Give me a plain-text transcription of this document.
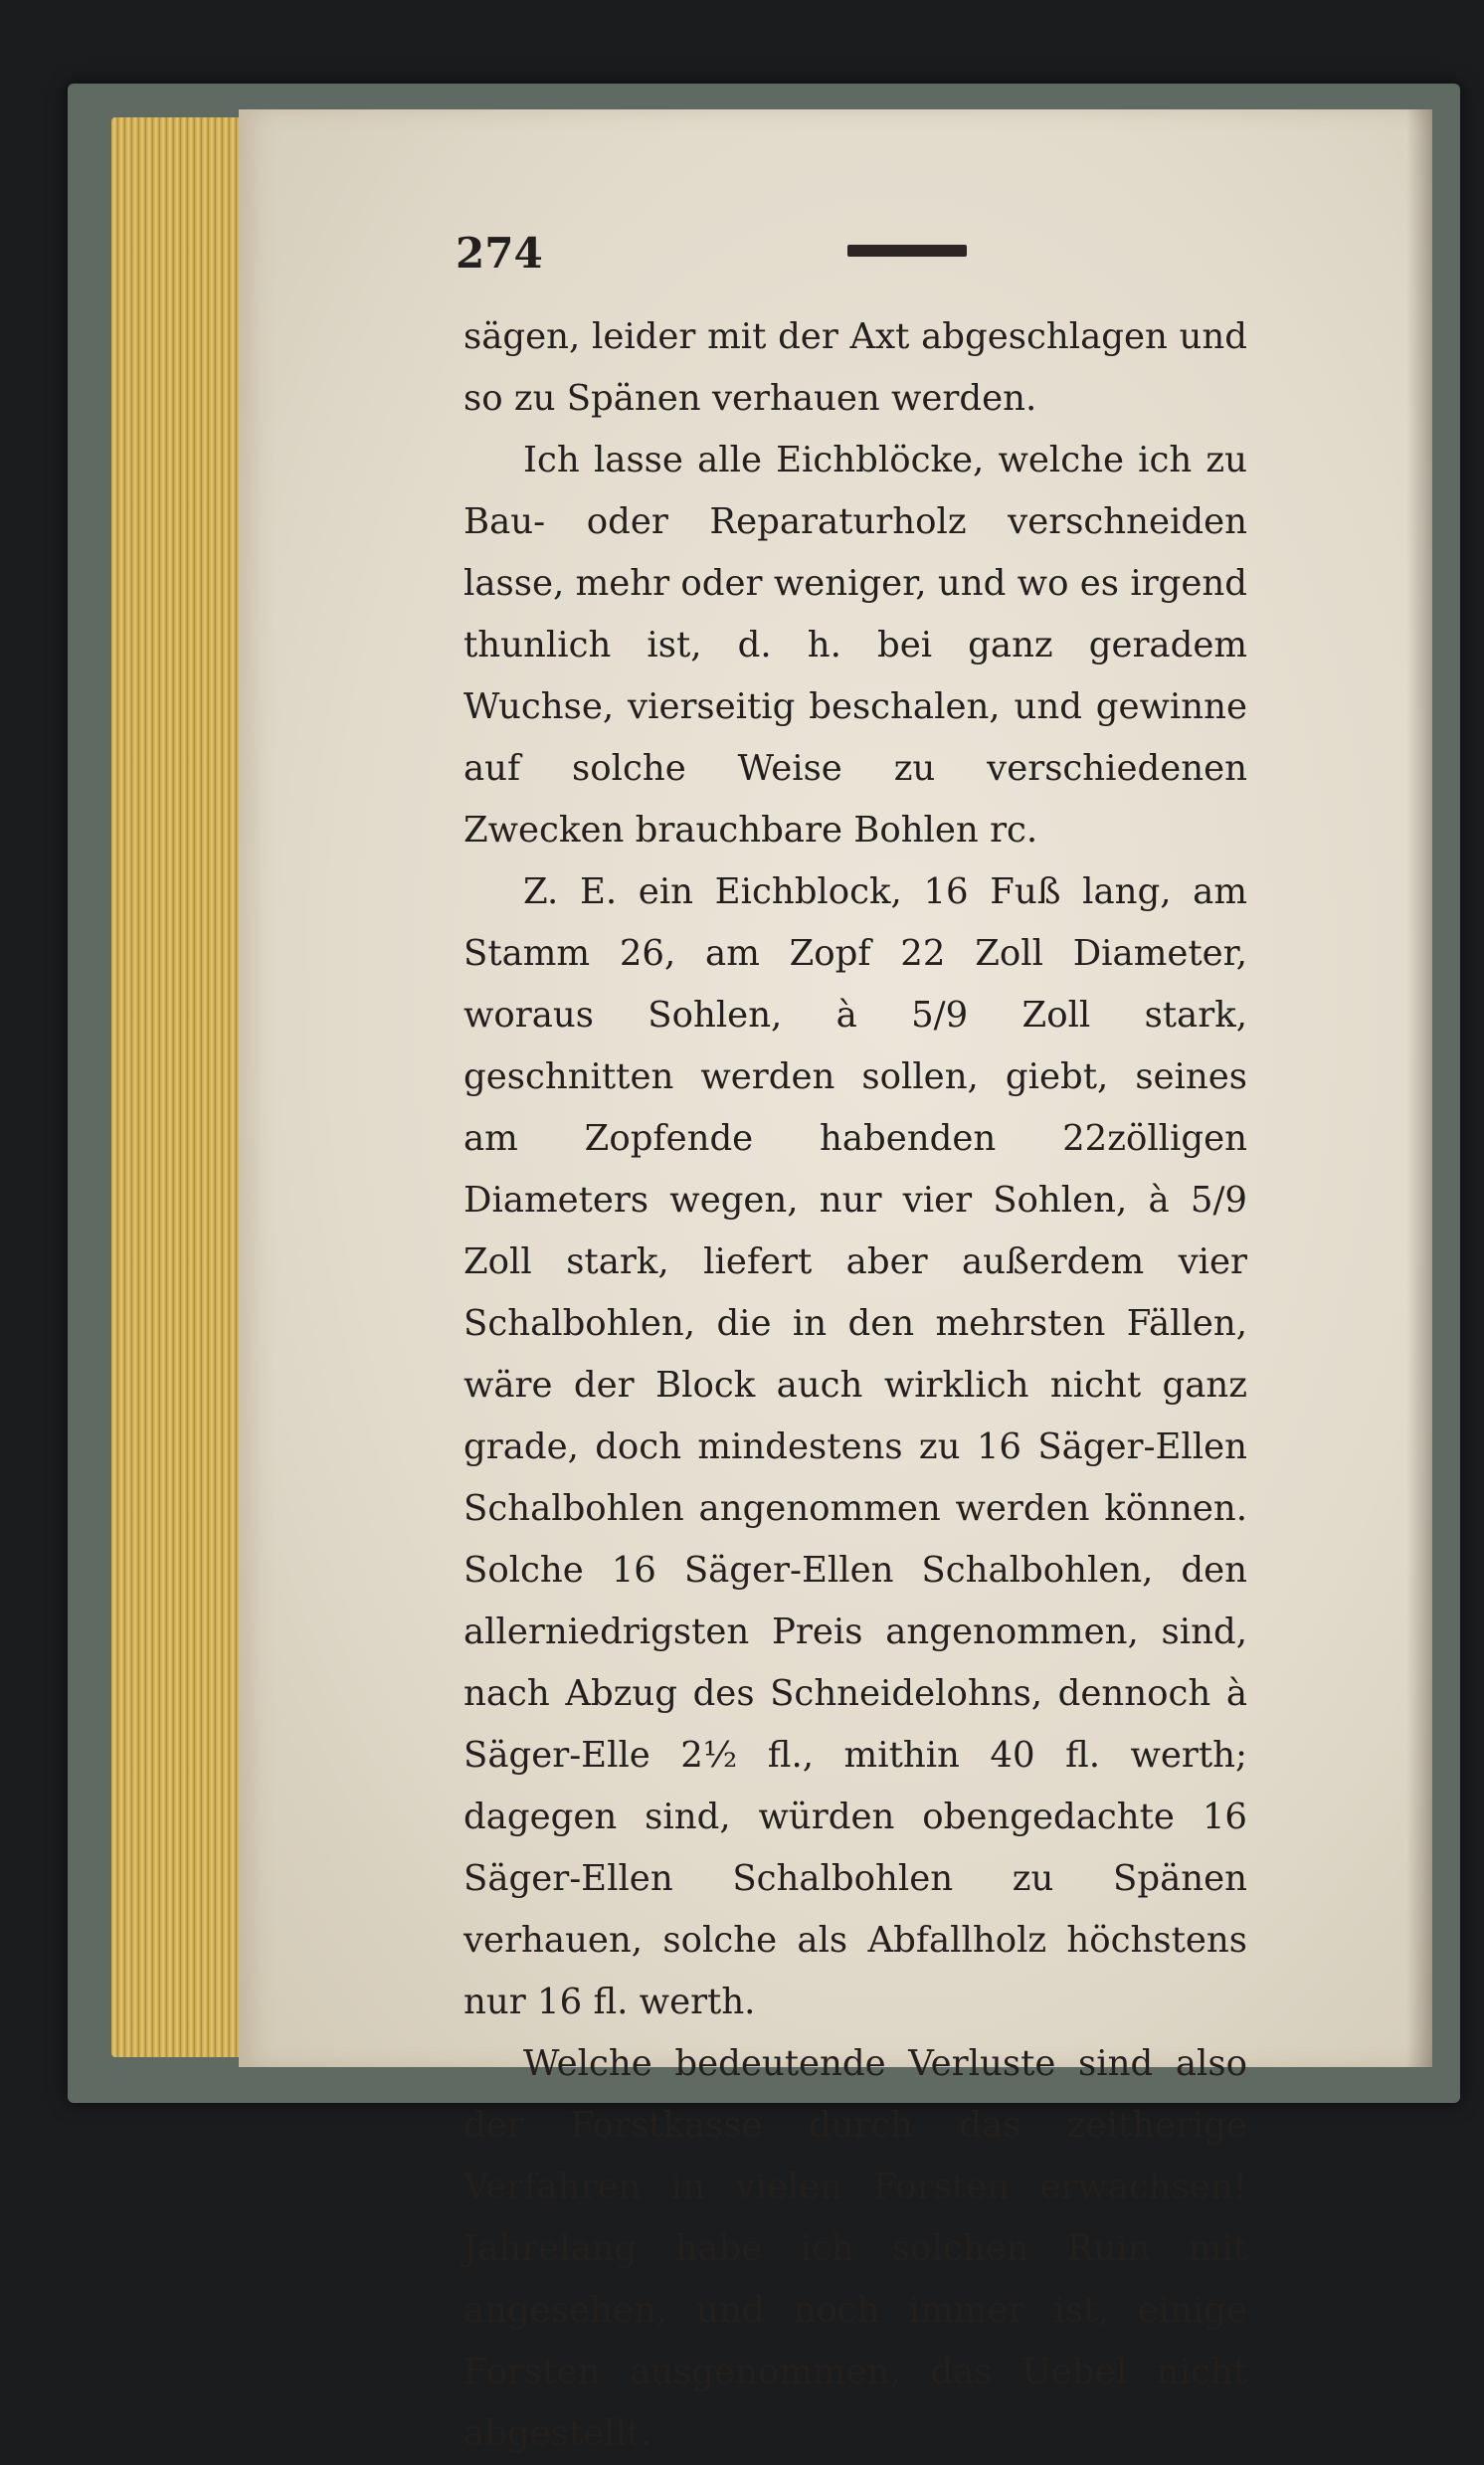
274

sägen, leider mit der Axt abgeschlagen und so zu Spänen verhauen werden.

Ich lasse alle Eichblöcke, welche ich zu Bau- oder Reparaturholz verschneiden lasse, mehr oder weniger, und wo es irgend thunlich ist, d. h. bei ganz geradem Wuchse, vierseitig beschalen, und gewinne auf solche Weise zu verschiedenen Zwecken brauchbare Bohlen rc.

Z. E. ein Eichblock, 16 Fuß lang, am Stamm 26, am Zopf 22 Zoll Diameter, woraus Sohlen, à 5/9 Zoll stark, geschnitten werden sollen, giebt, seines am Zopfende habenden 22zölligen Diameters wegen, nur vier Sohlen, à 5/9 Zoll stark, liefert aber außerdem vier Schalbohlen, die in den mehrsten Fällen, wäre der Block auch wirklich nicht ganz grade, doch mindestens zu 16 Säger-Ellen Schalbohlen angenommen werden können. Solche 16 Säger-Ellen Schalbohlen, den allerniedrigsten Preis angenommen, sind, nach Abzug des Schneidelohns, dennoch à Säger-Elle 2½ fl., mithin 40 fl. werth; dagegen sind, würden obengedachte 16 Säger-Ellen Schalbohlen zu Spänen verhauen, solche als Abfallholz höchstens nur 16 fl. werth.

Welche bedeutende Verluste sind also der Forstkasse durch das zeitherige Verfahren in vielen Forsten erwachsen! Jahrelang habe ich solchen Ruin mit angesehen, und noch immer ist, einige Forsten ausgenommen, das Uebel nicht abgestellt.
